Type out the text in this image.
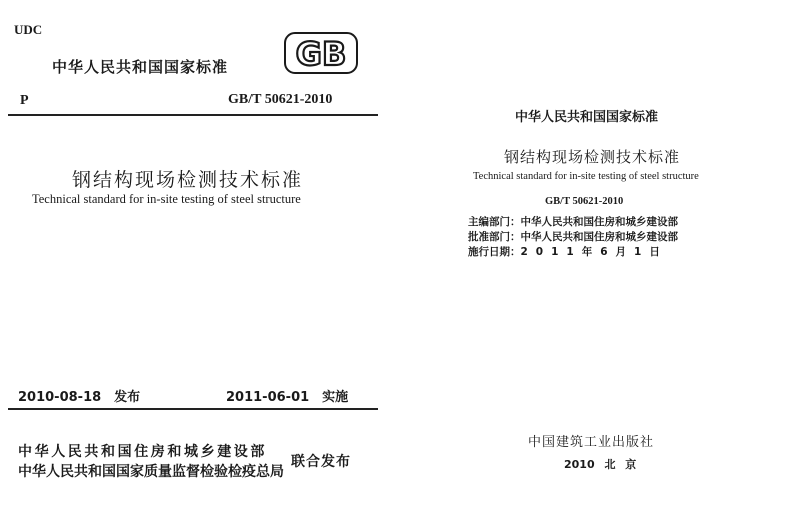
UDC
中华人民共和国国家标准 GB
P	GB/T 50621-2010
钢结构现场检测技术标准
Technical standard for in-site testing of steel structure
2010-08-18　发布	2011-06-01　实施
中华人民共和国住房和城乡建设部
中华人民共和国国家质量监督检验检疫总局
联合发布
中华人民共和国国家标准
钢结构现场检测技术标准
Technical standard for in-site testing of steel structure
GB/T 50621-2010
主编部门：中华人民共和国住房和城乡建设部
批准部门：中华人民共和国住房和城乡建设部
施行日期：2011年6月1日
中国建筑工业出版社
2010 北 京
